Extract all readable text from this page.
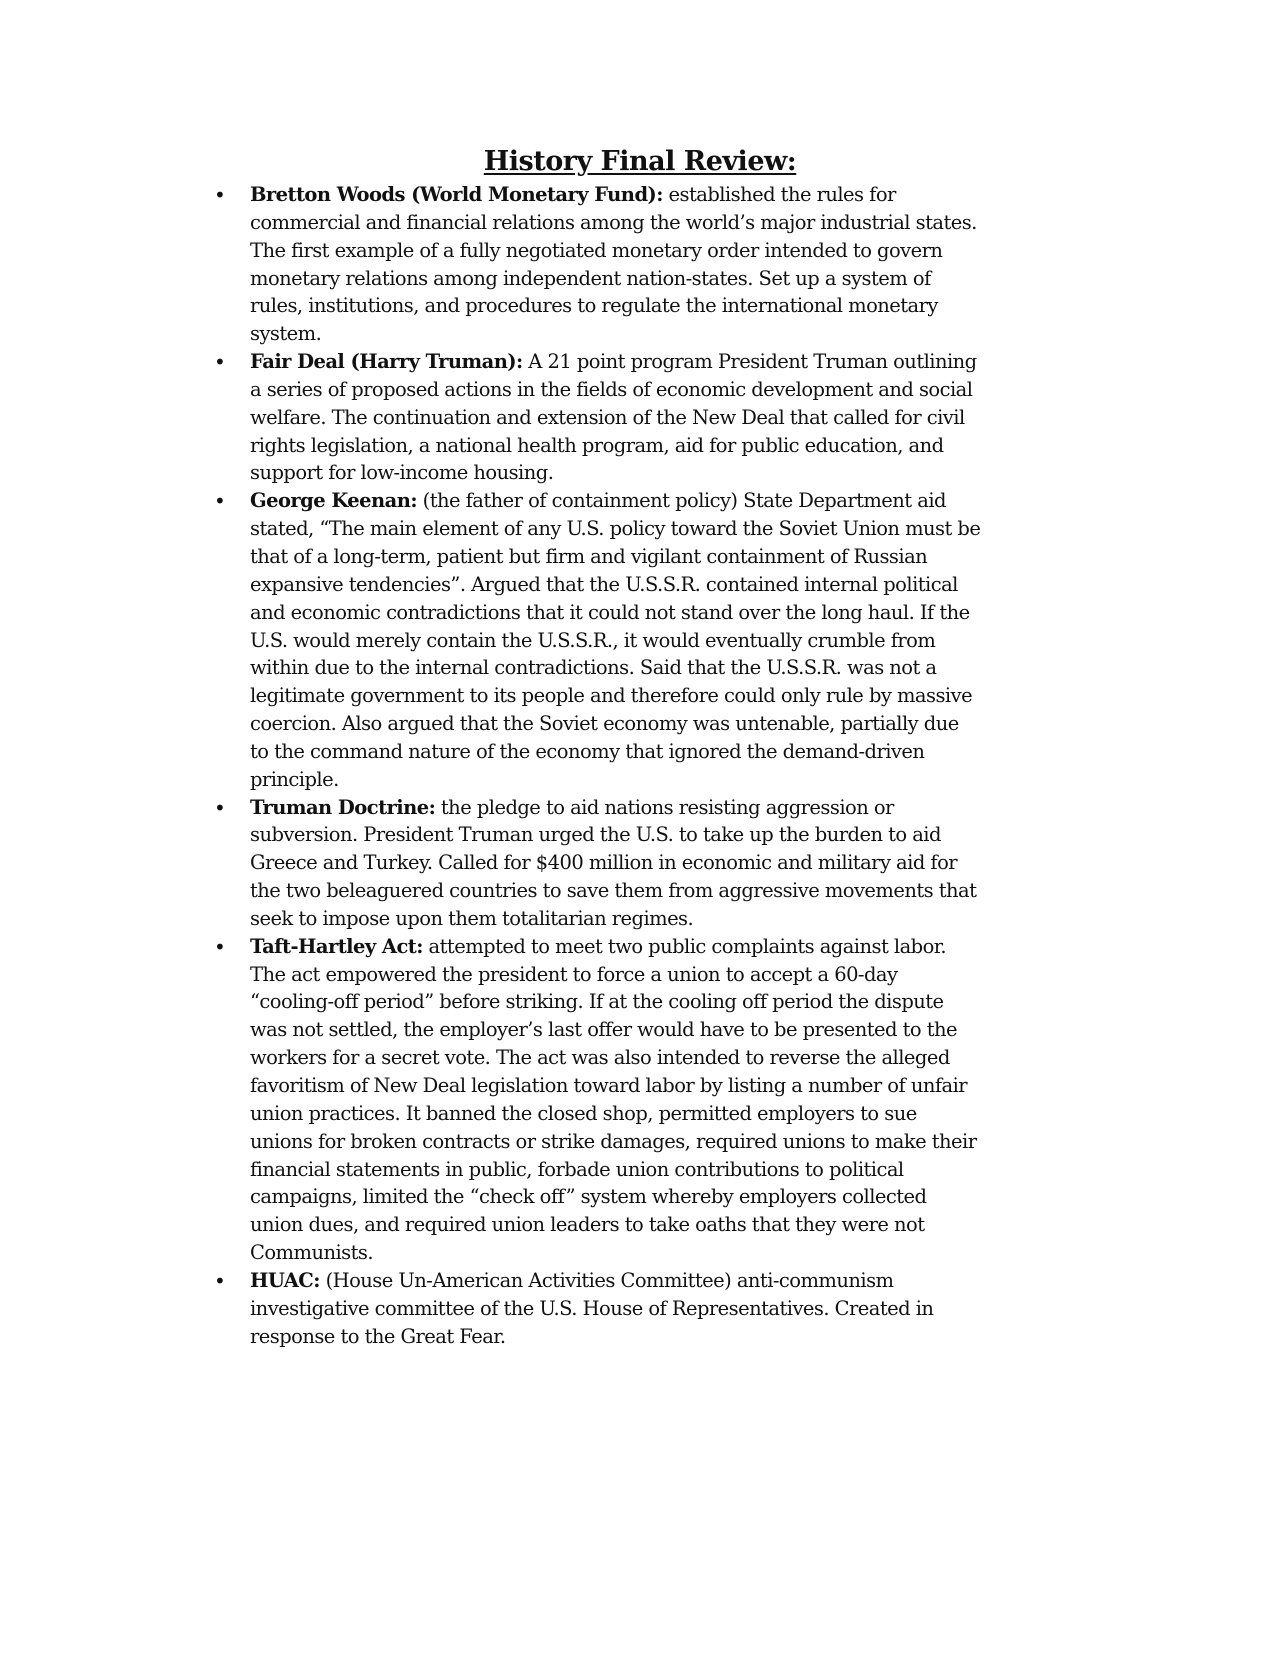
History Final Review:
• Bretton Woods (World Monetary Fund): established the rules for
commercial and financial relations among the world’s major industrial states.
The first example of a fully negotiated monetary order intended to govern
monetary relations among independent nation-states. Set up a system of
rules, institutions, and procedures to regulate the international monetary
system.
• Fair Deal (Harry Truman): A 21 point program President Truman outlining
a series of proposed actions in the fields of economic development and social
welfare. The continuation and extension of the New Deal that called for civil
rights legislation, a national health program, aid for public education, and
support for low-income housing.
• George Keenan: (the father of containment policy) State Department aid
stated, “The main element of any U.S. policy toward the Soviet Union must be
that of a long-term, patient but firm and vigilant containment of Russian
expansive tendencies”. Argued that the U.S.S.R. contained internal political
and economic contradictions that it could not stand over the long haul. If the
U.S. would merely contain the U.S.S.R., it would eventually crumble from
within due to the internal contradictions. Said that the U.S.S.R. was not a
legitimate government to its people and therefore could only rule by massive
coercion. Also argued that the Soviet economy was untenable, partially due
to the command nature of the economy that ignored the demand-driven
principle.
• Truman Doctrine: the pledge to aid nations resisting aggression or
subversion. President Truman urged the U.S. to take up the burden to aid
Greece and Turkey. Called for $400 million in economic and military aid for
the two beleaguered countries to save them from aggressive movements that
seek to impose upon them totalitarian regimes.
• Taft-Hartley Act: attempted to meet two public complaints against labor.
The act empowered the president to force a union to accept a 60-day
“cooling-off period” before striking. If at the cooling off period the dispute
was not settled, the employer’s last offer would have to be presented to the
workers for a secret vote. The act was also intended to reverse the alleged
favoritism of New Deal legislation toward labor by listing a number of unfair
union practices. It banned the closed shop, permitted employers to sue
unions for broken contracts or strike damages, required unions to make their
financial statements in public, forbade union contributions to political
campaigns, limited the “check off” system whereby employers collected
union dues, and required union leaders to take oaths that they were not
Communists.
• HUAC: (House Un-American Activities Committee) anti-communism
investigative committee of the U.S. House of Representatives. Created in
response to the Great Fear.
